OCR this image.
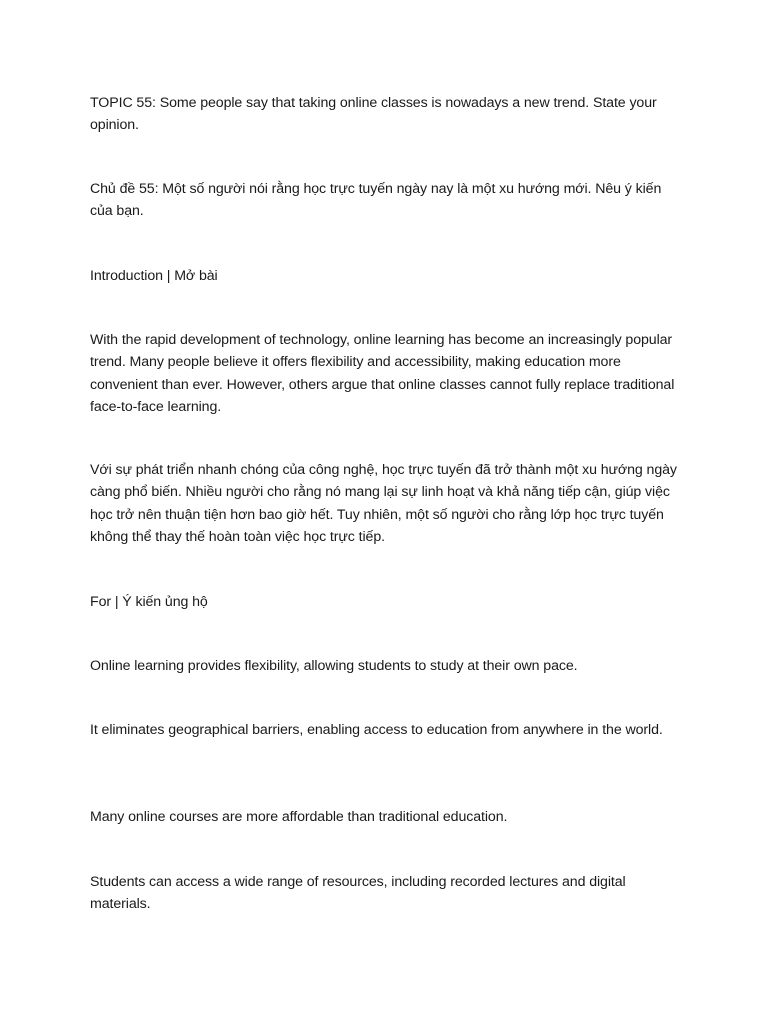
TOPIC 55: Some people say that taking online classes is nowadays a new trend. State your opinion.

Chủ đề 55: Một số người nói rằng học trực tuyến ngày nay là một xu hướng mới. Nêu ý kiến của bạn.

Introduction | Mở bài

With the rapid development of technology, online learning has become an increasingly popular trend. Many people believe it offers flexibility and accessibility, making education more convenient than ever. However, others argue that online classes cannot fully replace traditional face-to-face learning.

Với sự phát triển nhanh chóng của công nghệ, học trực tuyến đã trở thành một xu hướng ngày càng phổ biến. Nhiều người cho rằng nó mang lại sự linh hoạt và khả năng tiếp cận, giúp việc học trở nên thuận tiện hơn bao giờ hết. Tuy nhiên, một số người cho rằng lớp học trực tuyến không thể thay thế hoàn toàn việc học trực tiếp.

For | Ý kiến ủng hộ

Online learning provides flexibility, allowing students to study at their own pace.

It eliminates geographical barriers, enabling access to education from anywhere in the world.

Many online courses are more affordable than traditional education.

Students can access a wide range of resources, including recorded lectures and digital materials.
